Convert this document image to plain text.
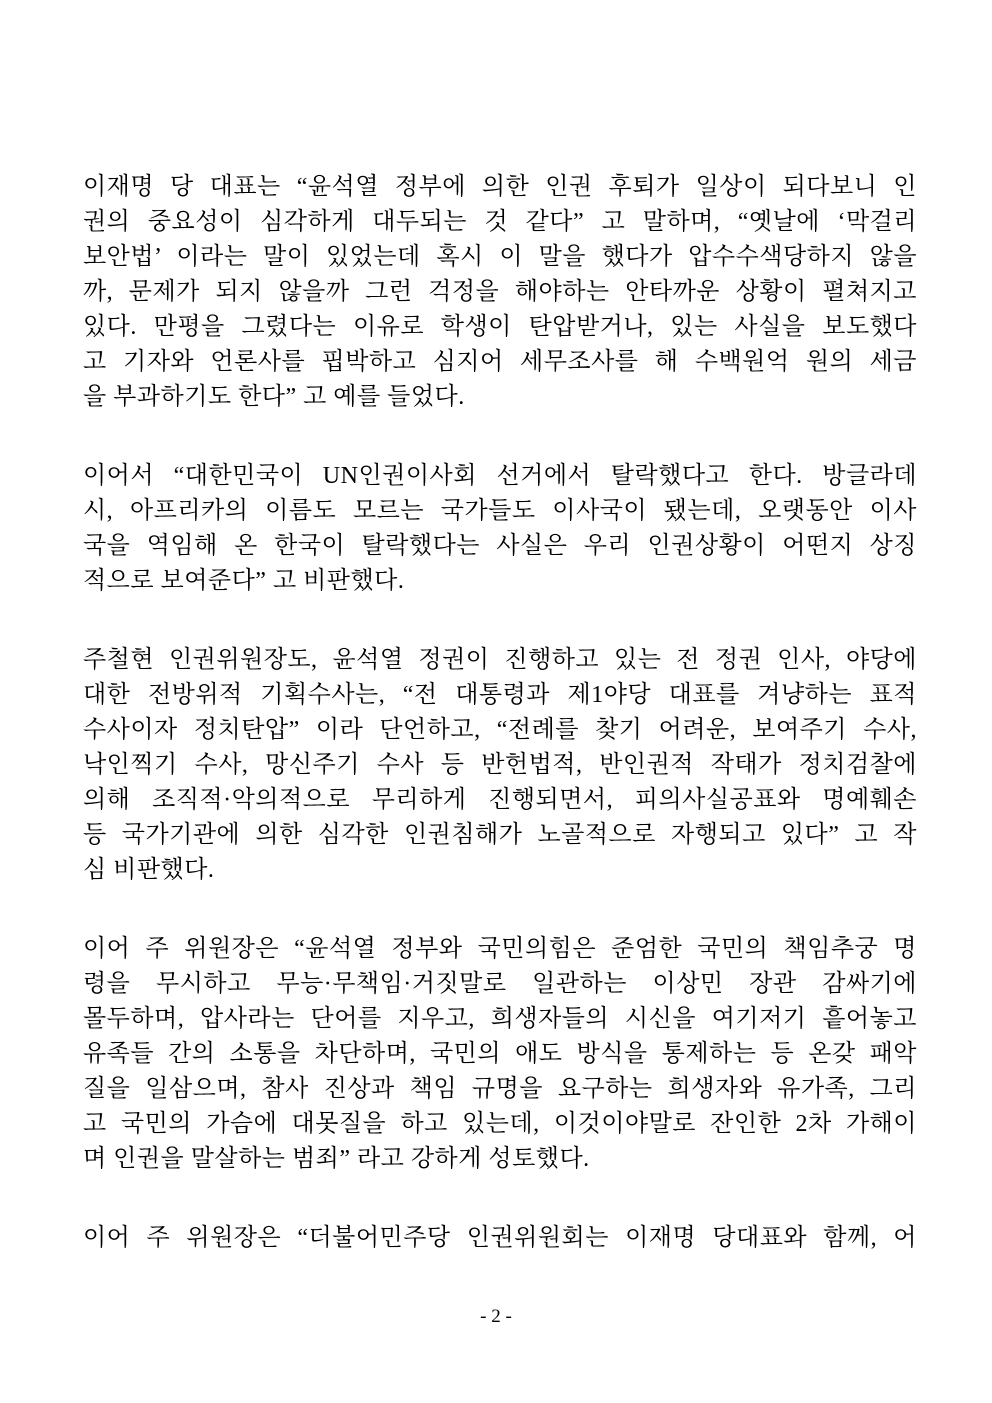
이재명 당 대표는 “윤석열 정부에 의한 인권 후퇴가 일상이 되다보니 인
권의 중요성이 심각하게 대두되는 것 같다” 고 말하며, “옛날에 ‘막걸리
보안법’ 이라는 말이 있었는데 혹시 이 말을 했다가 압수수색당하지 않을
까, 문제가 되지 않을까 그런 걱정을 해야하는 안타까운 상황이 펼쳐지고
있다. 만평을 그렸다는 이유로 학생이 탄압받거나, 있는 사실을 보도했다
고 기자와 언론사를 핍박하고 심지어 세무조사를 해 수백원억 원의 세금
을 부과하기도 한다” 고 예를 들었다.
이어서 “대한민국이 UN인권이사회 선거에서 탈락했다고 한다. 방글라데
시, 아프리카의 이름도 모르는 국가들도 이사국이 됐는데, 오랫동안 이사
국을 역임해 온 한국이 탈락했다는 사실은 우리 인권상황이 어떤지 상징
적으로 보여준다” 고 비판했다.
주철현 인권위원장도, 윤석열 정권이 진행하고 있는 전 정권 인사, 야당에
대한 전방위적 기획수사는, “전 대통령과 제1야당 대표를 겨냥하는 표적
수사이자 정치탄압” 이라 단언하고, “전례를 찾기 어려운, 보여주기 수사,
낙인찍기 수사, 망신주기 수사 등 반헌법적, 반인권적 작태가 정치검찰에
의해 조직적·악의적으로 무리하게 진행되면서, 피의사실공표와 명예훼손
등 국가기관에 의한 심각한 인권침해가 노골적으로 자행되고 있다” 고 작
심 비판했다.
이어 주 위원장은 “윤석열 정부와 국민의힘은 준엄한 국민의 책임추궁 명
령을 무시하고 무능·무책임·거짓말로 일관하는 이상민 장관 감싸기에
몰두하며, 압사라는 단어를 지우고, 희생자들의 시신을 여기저기 흩어놓고
유족들 간의 소통을 차단하며, 국민의 애도 방식을 통제하는 등 온갖 패악
질을 일삼으며, 참사 진상과 책임 규명을 요구하는 희생자와 유가족, 그리
고 국민의 가슴에 대못질을 하고 있는데, 이것이야말로 잔인한 2차 가해이
며 인권을 말살하는 범죄” 라고 강하게 성토했다.
이어 주 위원장은 “더불어민주당 인권위원회는 이재명 당대표와 함께, 어
- 2 -
